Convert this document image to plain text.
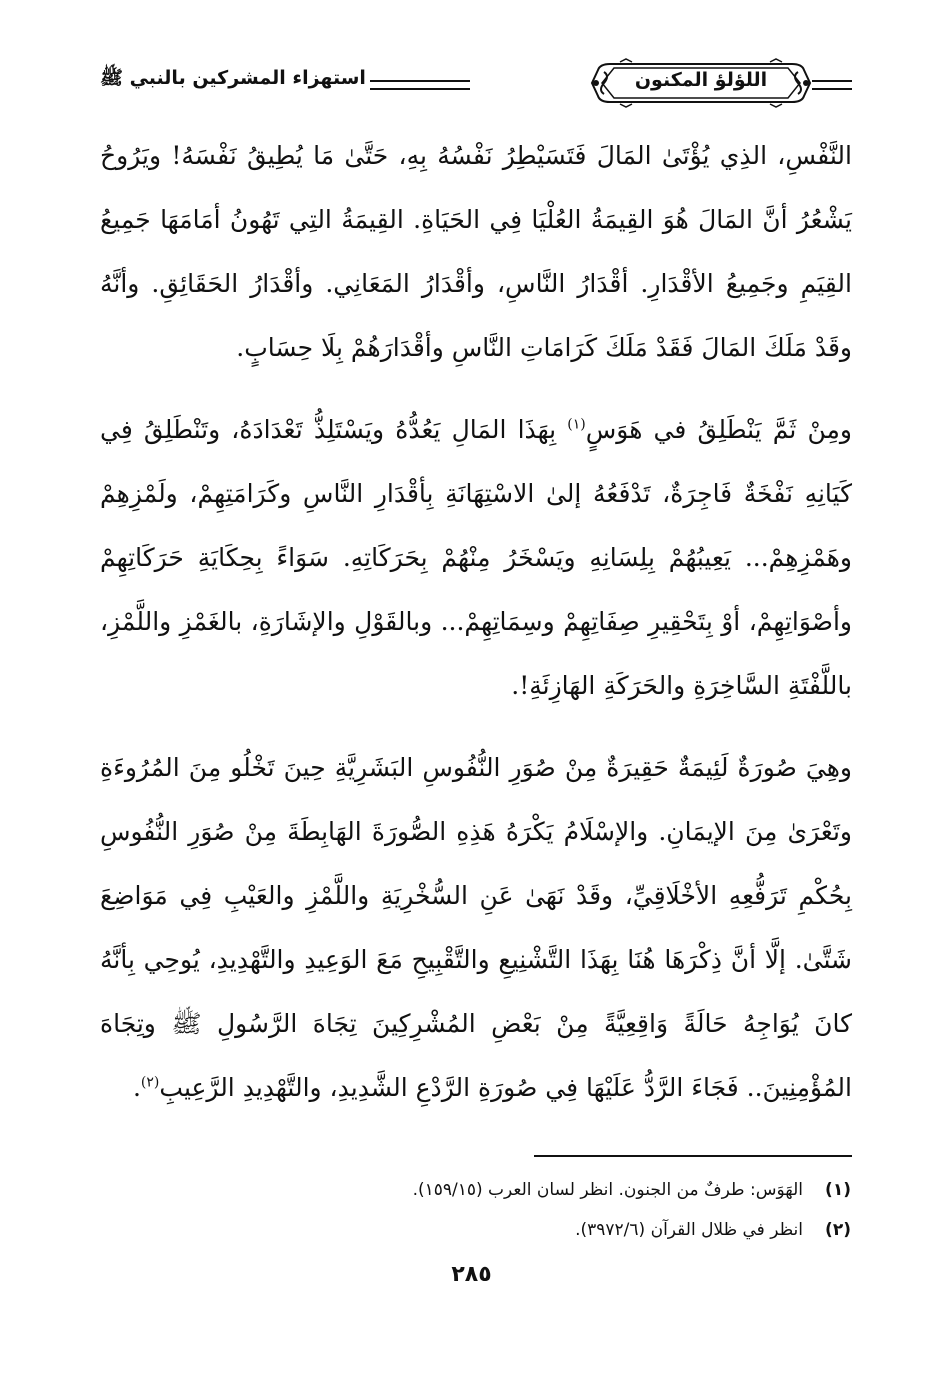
اللؤلؤ المكنون
استهزاء المشركين بالنبي ﷺ

النَّفْسِ، الذِي يُؤْتَىٰ المَالَ فَتَسَيْطِرُ نَفْسُهُ بِهِ، حَتَّىٰ مَا يُطِيقُ نَفْسَهُ! ويَرُوحُ يَشْعُرُ أنَّ المَالَ هُوَ القِيمَةُ العُلْيَا فِي الحَيَاةِ. القِيمَةُ التِي تَهُونُ أمَامَهَا جَمِيعُ القِيَمِ وجَمِيعُ الأقْدَارِ. أقْدَارُ النَّاسِ، وأقْدَارُ المَعَانِي. وأقْدَارُ الحَقَائِقِ. وأنَّهُ وقَدْ مَلَكَ المَالَ فَقَدْ مَلَكَ كَرَامَاتِ النَّاسِ وأقْدَارَهُمْ بِلَا حِسَابٍ.

ومِنْ ثَمَّ يَنْطَلِقُ في هَوَسٍ$^{(١)}$ بِهَذَا المَالِ يَعُدُّهُ ويَسْتَلِذُّ تَعْدَادَهُ، وتَنْطَلِقُ فِي كَيَانِهِ نَفْخَةٌ فَاجِرَةٌ، تَدْفَعُهُ إلىٰ الاسْتِهَانَةِ بِأقْدَارِ النَّاسِ وكَرَامَتِهِمْ، ولَمْزِهِمْ وهَمْزِهِمْ... يَعِيبُهُمْ بِلِسَانِهِ ويَسْخَرُ مِنْهُمْ بِحَرَكَاتِهِ. سَوَاءً بِحِكَايَةِ حَرَكَاتِهِمْ وأصْوَاتِهِمْ، أوْ بِتَحْقِيرِ صِفَاتِهِمْ وسِمَاتِهِمْ... وبالقَوْلِ والإشَارَةِ، بالغَمْزِ واللَّمْزِ، باللَّفْتَةِ السَّاخِرَةِ والحَرَكَةِ الهَازِئَةِ!.

وهِيَ صُورَةٌ لَئِيمَةٌ حَقِيرَةٌ مِنْ صُوَرِ النُّفُوسِ البَشَرِيَّةِ حِينَ تَخْلُو مِنَ المُرُوءَةِ وتَعْرَىٰ مِنَ الإيمَانِ. والإسْلَامُ يَكْرَهُ هَذِهِ الصُّورَةَ الهَابِطَةَ مِنْ صُوَرِ النُّفُوسِ بِحُكْمِ تَرَفُّعِهِ الأخْلَاقِيِّ، وقَدْ نَهَىٰ عَنِ السُّخْرِيَةِ واللَّمْزِ والعَيْبِ فِي مَوَاضِعَ شَتَّىٰ. إلَّا أنَّ ذِكْرَهَا هُنَا بِهَذَا التَّشْنِيعِ والتَّقْبِيحِ مَعَ الوَعِيدِ والتَّهْدِيدِ، يُوحِي بِأنَّهُ كانَ يُوَاجِهُ حَالَةً وَاقِعِيَّةً مِنْ بَعْضِ المُشْرِكِينَ تِجَاهَ الرَّسُولِ ﷺ وتِجَاهَ المُؤْمِنِينَ.. فَجَاءَ الرَّدُّ عَلَيْهَا فِي صُورَةِ الرَّدْعِ الشَّدِيدِ، والتَّهْدِيدِ الرَّعِيبِ$^{(٢)}$.

(١)
الهَوَس: طرفٌ من الجنون. انظر لسان العرب (١٥٩/١٥).
(٢)
انظر في ظلال القرآن (٣٩٧٢/٦).
٢٨٥
